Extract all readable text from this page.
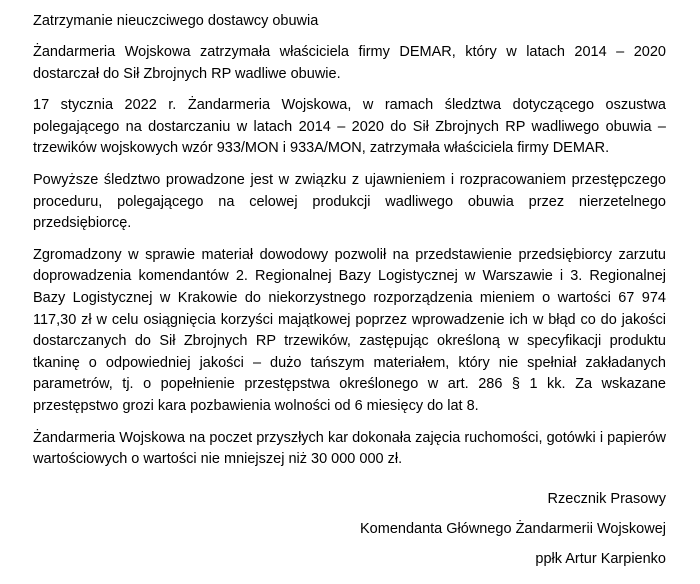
Zatrzymanie nieuczciwego dostawcy obuwia

Żandarmeria Wojskowa zatrzymała właściciela firmy DEMAR, który w latach 2014 – 2020 dostarczał do Sił Zbrojnych RP wadliwe obuwie.

17 stycznia 2022 r. Żandarmeria Wojskowa, w ramach śledztwa dotyczącego oszustwa polegającego na dostarczaniu w latach 2014 – 2020 do Sił Zbrojnych RP wadliwego obuwia – trzewików wojskowych wzór 933/MON i 933A/MON, zatrzymała właściciela firmy DEMAR.

Powyższe śledztwo prowadzone jest w związku z ujawnieniem i rozpracowaniem przestępczego proceduru, polegającego na celowej produkcji wadliwego obuwia przez nierzetelnego przedsiębiorcę.

Zgromadzony w sprawie materiał dowodowy pozwolił na przedstawienie przedsiębiorcy zarzutu doprowadzenia komendantów 2. Regionalnej Bazy Logistycznej w Warszawie i 3. Regionalnej Bazy Logistycznej w Krakowie do niekorzystnego rozporządzenia mieniem o wartości 67 974 117,30 zł w celu osiągnięcia korzyści majątkowej poprzez wprowadzenie ich w błąd co do jakości dostarczanych do Sił Zbrojnych RP trzewików, zastępując określoną w specyfikacji produktu tkaninę o odpowiedniej jakości – dużo tańszym materiałem, który nie spełniał zakładanych parametrów, tj. o popełnienie przestępstwa określonego w art. 286 § 1 kk. Za wskazane przestępstwo grozi kara pozbawienia wolności od 6 miesięcy do lat 8.

Żandarmeria Wojskowa na poczet przyszłych kar dokonała zajęcia ruchomości, gotówki i papierów wartościowych o wartości nie mniejszej niż 30 000 000 zł.

Rzecznik Prasowy
Komendanta Głównego Żandarmerii Wojskowej
ppłk Artur Karpienko
